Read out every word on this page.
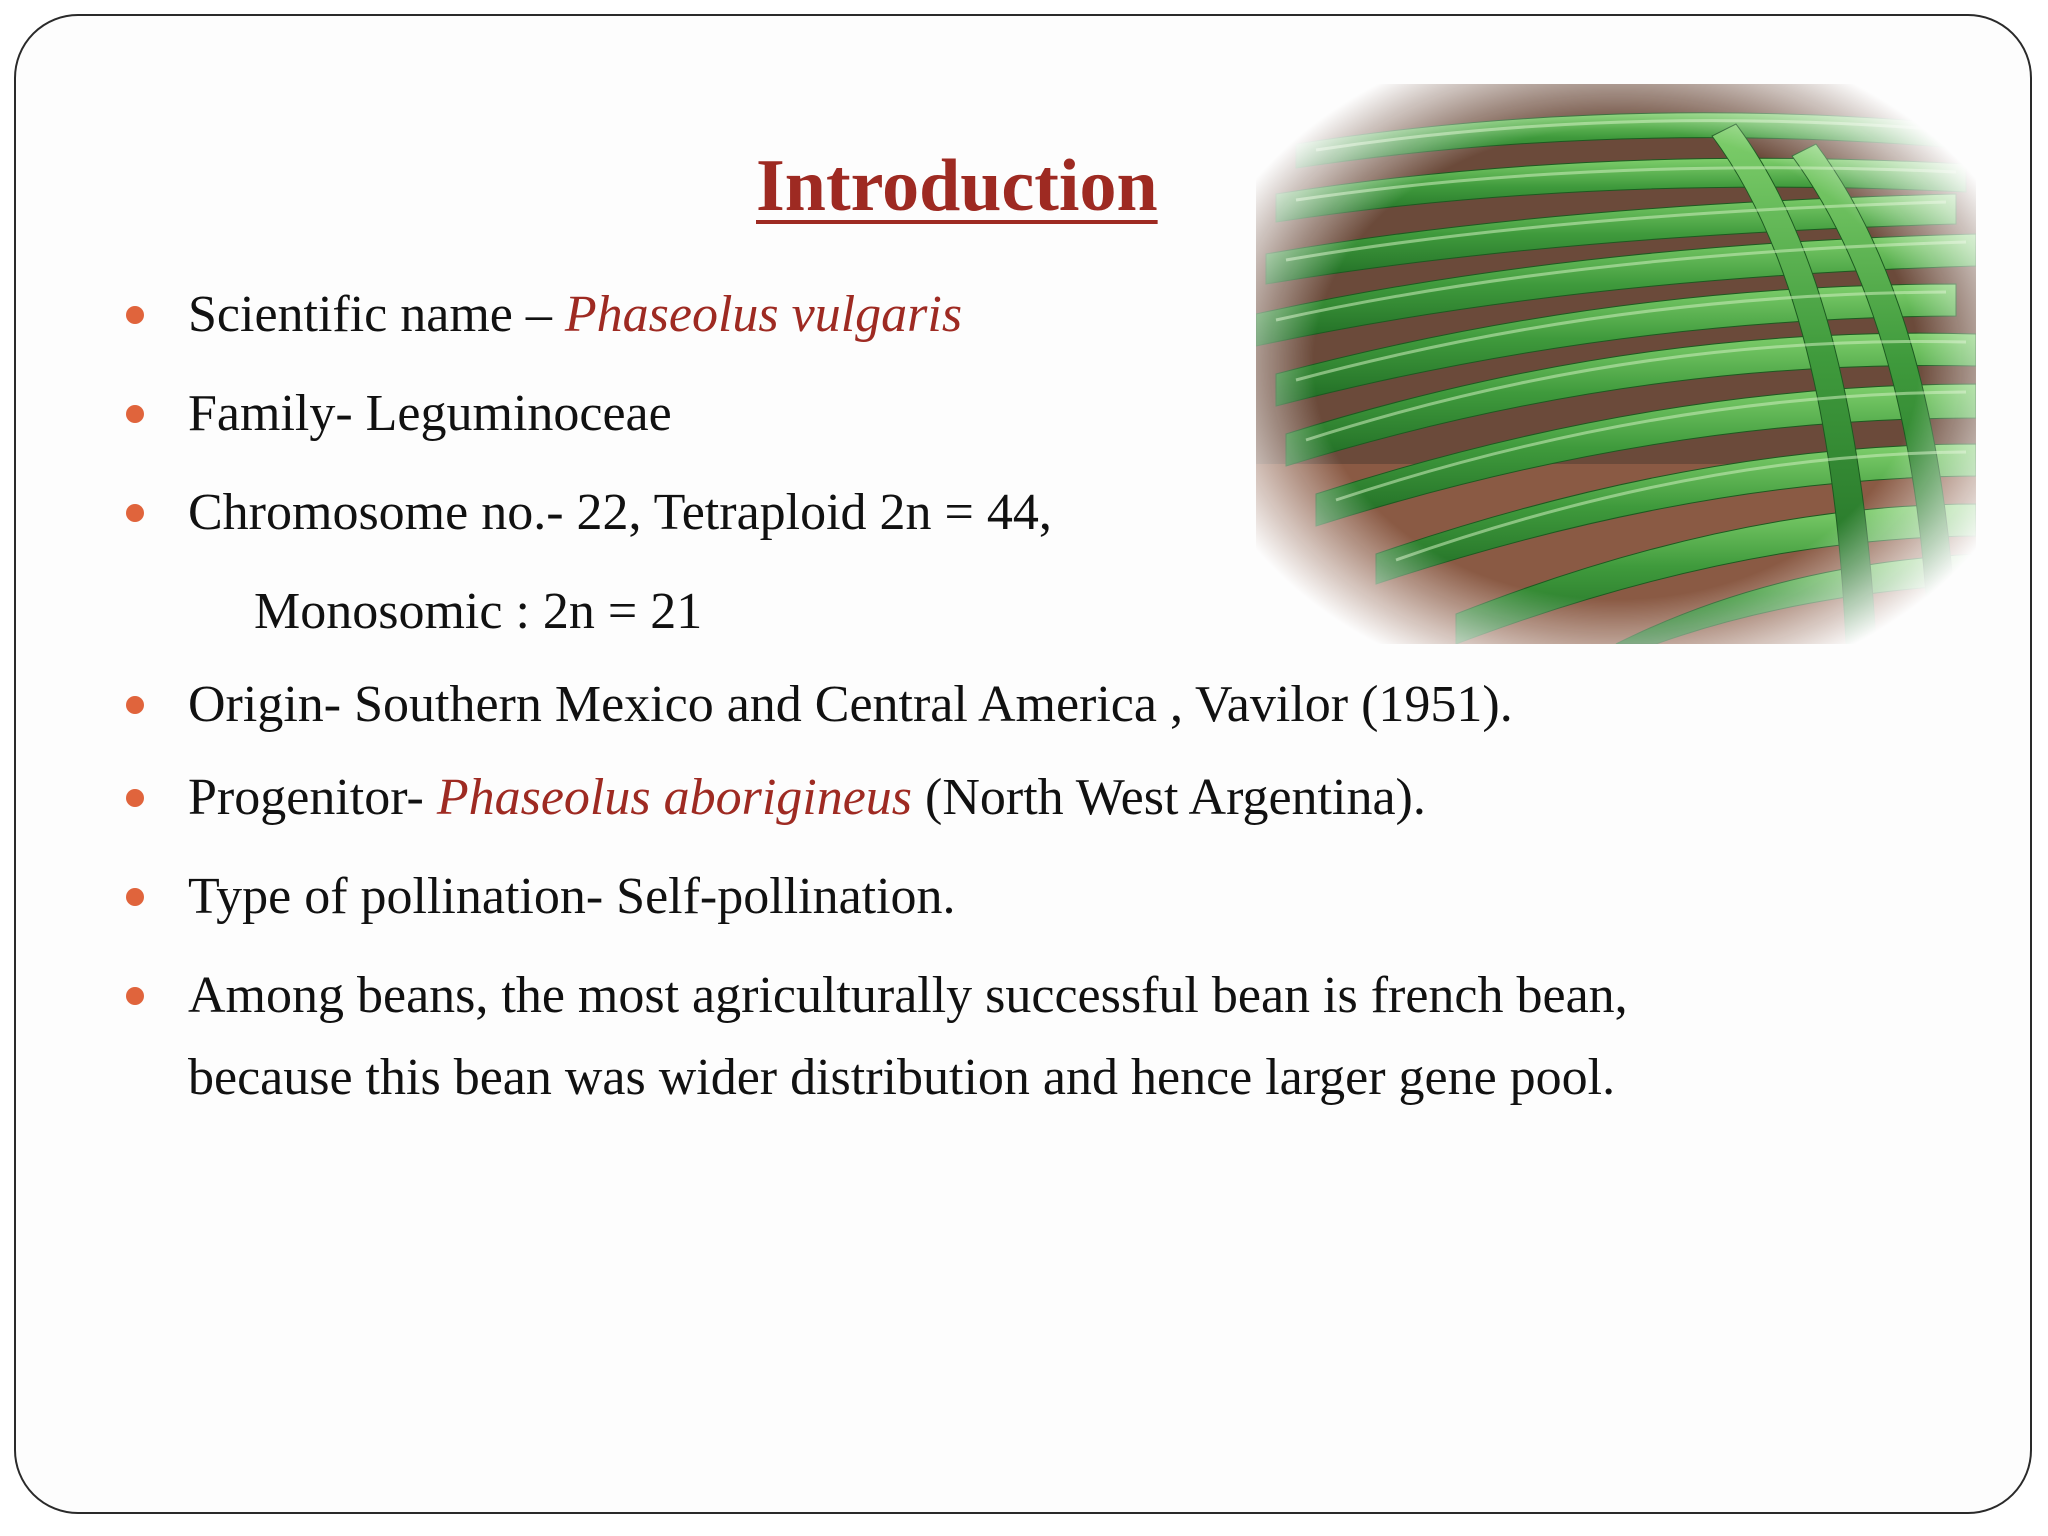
Introduction
Scientific name – Phaseolus vulgaris
Family- Leguminoceae
Chromosome no.- 22, Tetraploid 2n = 44,
Monosomic : 2n = 21
Origin- Southern Mexico and Central America , Vavilor (1951).
Progenitor- Phaseolus aborigineus (North West Argentina).
Type of pollination- Self-pollination.
Among beans, the most agriculturally successful bean is french bean,
because this bean was wider distribution and hence larger gene pool.
